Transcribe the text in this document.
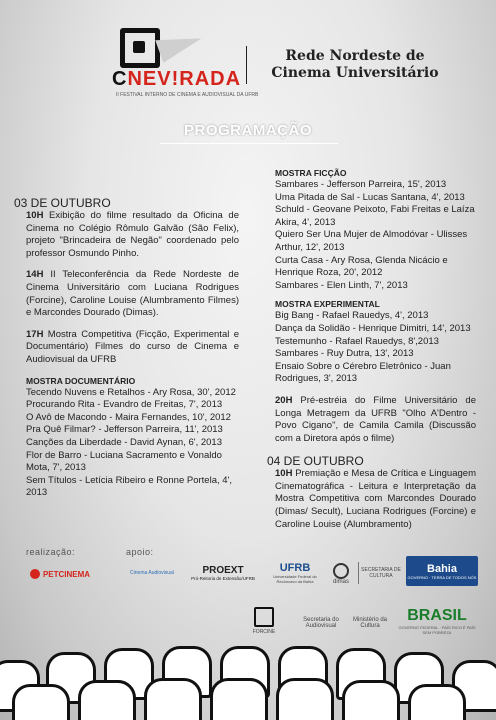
CNEV!RADA
II FESTIVAL INTERNO DE CINEMA E AUDIOVISUAL DA UFRB
Rede Nordeste de
Cinema Universitário
PROGRAMAÇÃO
03 DE OUTUBRO
10H Exibição do filme resultado da Oficina de Cinema no Colégio Rômulo Galvão (São Felix), projeto "Brincadeira de Negão" coordenado pelo professor Osmundo Pinho.
14H II Teleconferência da Rede Nordeste de Cinema Universitário com Luciana Rodrigues (Forcine), Caroline Louise (Alumbramento Filmes) e Marcondes Dourado (Dimas).
17H Mostra Competitiva (Ficção, Experimental e Documentário) Filmes do curso de Cinema e Audiovisual da UFRB
MOSTRA DOCUMENTÁRIO
Tecendo Nuvens e Retalhos - Ary Rosa, 30', 2012
Procurando Rita - Evandro de Freitas, 7', 2013
O Avô de Macondo - Maira Fernandes, 10', 2012
Pra Quê Filmar? - Jefferson Parreira, 11', 2013
Canções da Liberdade - David Aynan, 6', 2013
Flor de Barro - Luciana Sacramento e Vonaldo Mota, 7', 2013
Sem Títulos - Letícia Ribeiro e Ronne Portela, 4', 2013
MOSTRA FICÇÃO
Sambares - Jefferson Parreira, 15', 2013
Uma Pitada de Sal - Lucas Santana, 4', 2013
Schuld - Geovane Peixoto, Fabi Freitas e Laíza Akira, 4', 2013
Quiero Ser Una Mujer de Almodóvar - Ulisses Arthur, 12', 2013
Curta Casa - Ary Rosa, Glenda Nicácio e Henrique Roza, 20', 2012
Sambares - Elen Linth, 7', 2013
MOSTRA EXPERIMENTAL
Big Bang - Rafael Rauedys, 4', 2013
Dança da Solidão - Henrique Dimitri, 14', 2013
Testemunho - Rafael Rauedys, 8',2013
Sambares - Ruy Dutra, 13', 2013
Ensaio Sobre o Cérebro Eletrônico - Juan Rodrigues, 3', 2013
20H Pré-estréia do Filme Universitário de Longa Metragem da UFRB "Olho A'Dentro - Povo Cigano", de Camila Camila (Discussão com a Diretora após o filme)
04 DE OUTUBRO
10H Premiação e Mesa de Crítica e Linguagem Cinematográfica - Leitura e Interpretação da Mostra Competitiva com Marcondes Dourado (Dimas/ Secult), Luciana Rodrigues (Forcine) e Caroline Louise (Alumbramento)
realização:	apoio:
PETCINEMA	Cinema Audiovisual	PROEXT
Pró-Reitoria de Extensão/UFRB
UFRB
Universidade Federal do Recôncavo da Bahia	dimas
SECRETARIA DE CULTURA
Bahia
GOVERNO · TERRA DE TODOS NÓS
FORCINE
Secretaria do Audiovisual
Ministério da Cultura
BRASIL
GOVERNO FEDERAL · PAÍS RICO É PAÍS SEM POBREZA
